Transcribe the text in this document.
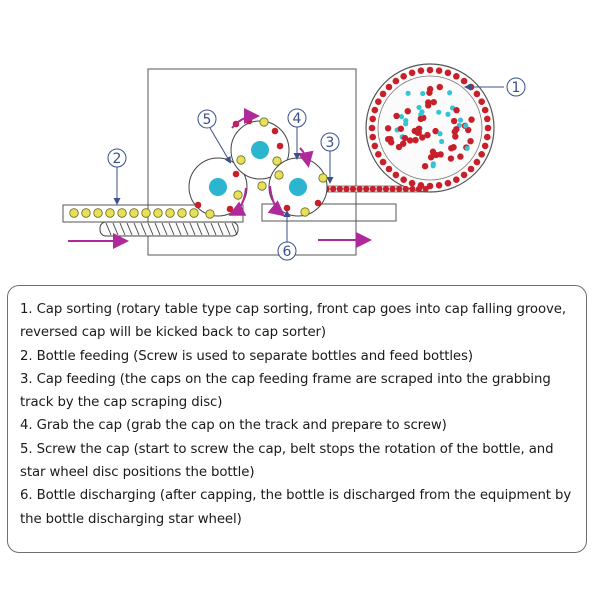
1
2
3
4
5
6

1. Cap sorting (rotary table type cap sorting, front cap goes into cap falling groove, reversed cap will be kicked back to cap sorter)

2. Bottle feeding (Screw is used to separate bottles and feed bottles)

3. Cap feeding (the caps on the cap feeding frame are scraped into the grabbing track by the cap scraping disc)

4. Grab the cap (grab the cap on the track and prepare to screw)

5. Screw the cap (start to screw the cap, belt stops the rotation of the bottle, and star wheel disc positions the bottle)

6. Bottle discharging (after capping, the bottle is discharged from the equipment by the bottle discharging star wheel)
